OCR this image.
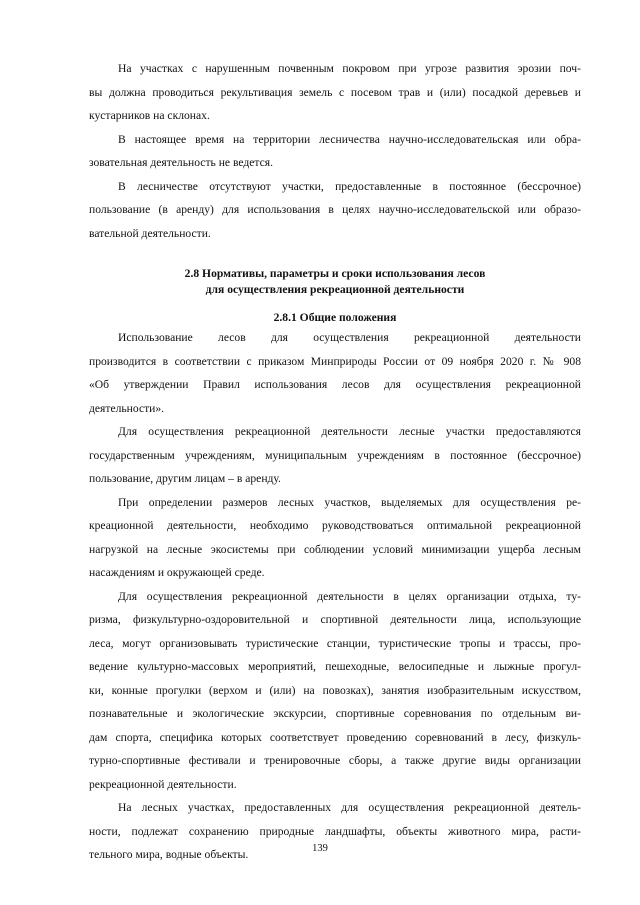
На участках с нарушенным почвенным покровом при угрозе развития эрозии поч-
вы должна проводиться рекультивация земель с посевом трав и (или) посадкой деревьев и
кустарников на склонах.
В настоящее время на территории лесничества научно-исследовательская или обра-
зовательная деятельность не ведется.
В лесничестве отсутствуют участки, предоставленные в постоянное (бессрочное)
пользование (в аренду) для использования в целях научно-исследовательской или образо-
вательной деятельности.
2.8 Нормативы, параметры и сроки использования лесов
для осуществления рекреационной деятельности
2.8.1 Общие положения
Использование лесов для осуществления рекреационной деятельности
производится в соответствии с приказом Минприроды России от 09 ноября 2020 г. № 908
«Об утверждении Правил использования лесов для осуществления рекреационной
деятельности».
Для осуществления рекреационной деятельности лесные участки предоставляются
государственным учреждениям, муниципальным учреждениям в постоянное (бессрочное)
пользование, другим лицам – в аренду.
При определении размеров лесных участков, выделяемых для осуществления ре-
креационной деятельности, необходимо руководствоваться оптимальной рекреационной
нагрузкой на лесные экосистемы при соблюдении условий минимизации ущерба лесным
насаждениям и окружающей среде.
Для осуществления рекреационной деятельности в целях организации отдыха, ту-
ризма, физкультурно-оздоровительной и спортивной деятельности лица, использующие
леса, могут организовывать туристические станции, туристические тропы и трассы, про-
ведение культурно-массовых мероприятий, пешеходные, велосипедные и лыжные прогул-
ки, конные прогулки (верхом и (или) на повозках), занятия изобразительным искусством,
познавательные и экологические экскурсии, спортивные соревнования по отдельным ви-
дам спорта, специфика которых соответствует проведению соревнований в лесу, физкуль-
турно-спортивные фестивали и тренировочные сборы, а также другие виды организации
рекреационной деятельности.
На лесных участках, предоставленных для осуществления рекреационной деятель-
ности, подлежат сохранению природные ландшафты, объекты животного мира, расти-
тельного мира, водные объекты.	139
